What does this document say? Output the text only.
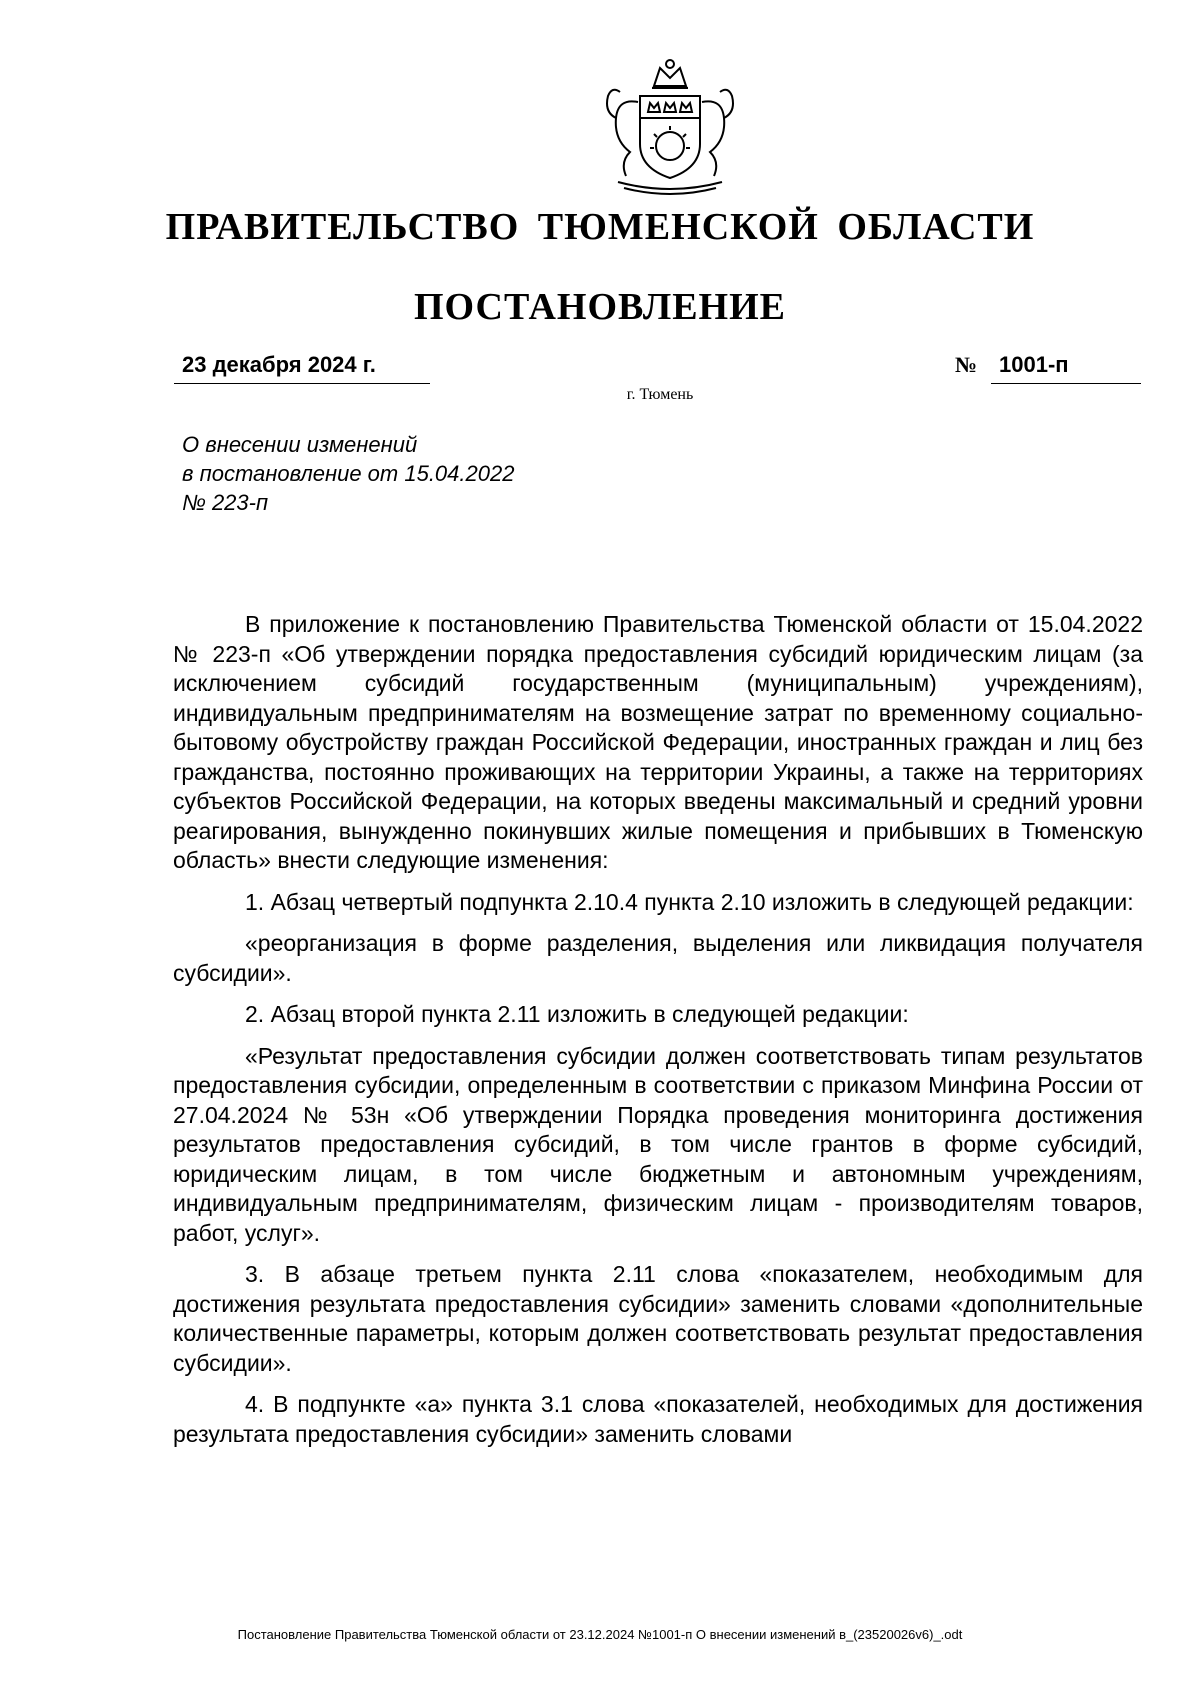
ПРАВИТЕЛЬСТВО ТЮМЕНСКОЙ ОБЛАСТИ
ПОСТАНОВЛЕНИЕ
23 декабря 2024 г.	№ 1001-п
г. Тюмень
О внесении изменений
в постановление от 15.04.2022
№ 223-п

В приложение к постановлению Правительства Тюменской области от 15.04.2022 № 223-п «Об утверждении порядка предоставления субсидий юридическим лицам (за исключением субсидий государственным (муниципальным) учреждениям), индивидуальным предпринимателям на возмещение затрат по временному социально-бытовому обустройству граждан Российской Федерации, иностранных граждан и лиц без гражданства, постоянно проживающих на территории Украины, а также на территориях субъектов Российской Федерации, на которых введены максимальный и средний уровни реагирования, вынужденно покинувших жилые помещения и прибывших в Тюменскую область» внести следующие изменения:

1. Абзац четвертый подпункта 2.10.4 пункта 2.10 изложить в следующей редакции:

«реорганизация в форме разделения, выделения или ликвидация получателя субсидии».

2. Абзац второй пункта 2.11 изложить в следующей редакции:

«Результат предоставления субсидии должен соответствовать типам результатов предоставления субсидии, определенным в соответствии с приказом Минфина России от 27.04.2024 № 53н «Об утверждении Порядка проведения мониторинга достижения результатов предоставления субсидий, в том числе грантов в форме субсидий, юридическим лицам, в том числе бюджетным и автономным учреждениям, индивидуальным предпринимателям, физическим лицам - производителям товаров, работ, услуг».

3. В абзаце третьем пункта 2.11 слова «показателем, необходимым для достижения результата предоставления субсидии» заменить словами «дополнительные количественные параметры, которым должен соответствовать результат предоставления субсидии».

4. В подпункте «а» пункта 3.1 слова «показателей, необходимых для достижения результата предоставления субсидии» заменить словами

Постановление Правительства Тюменской области от 23.12.2024 №1001-п О внесении изменений в_(23520026v6)_.odt
